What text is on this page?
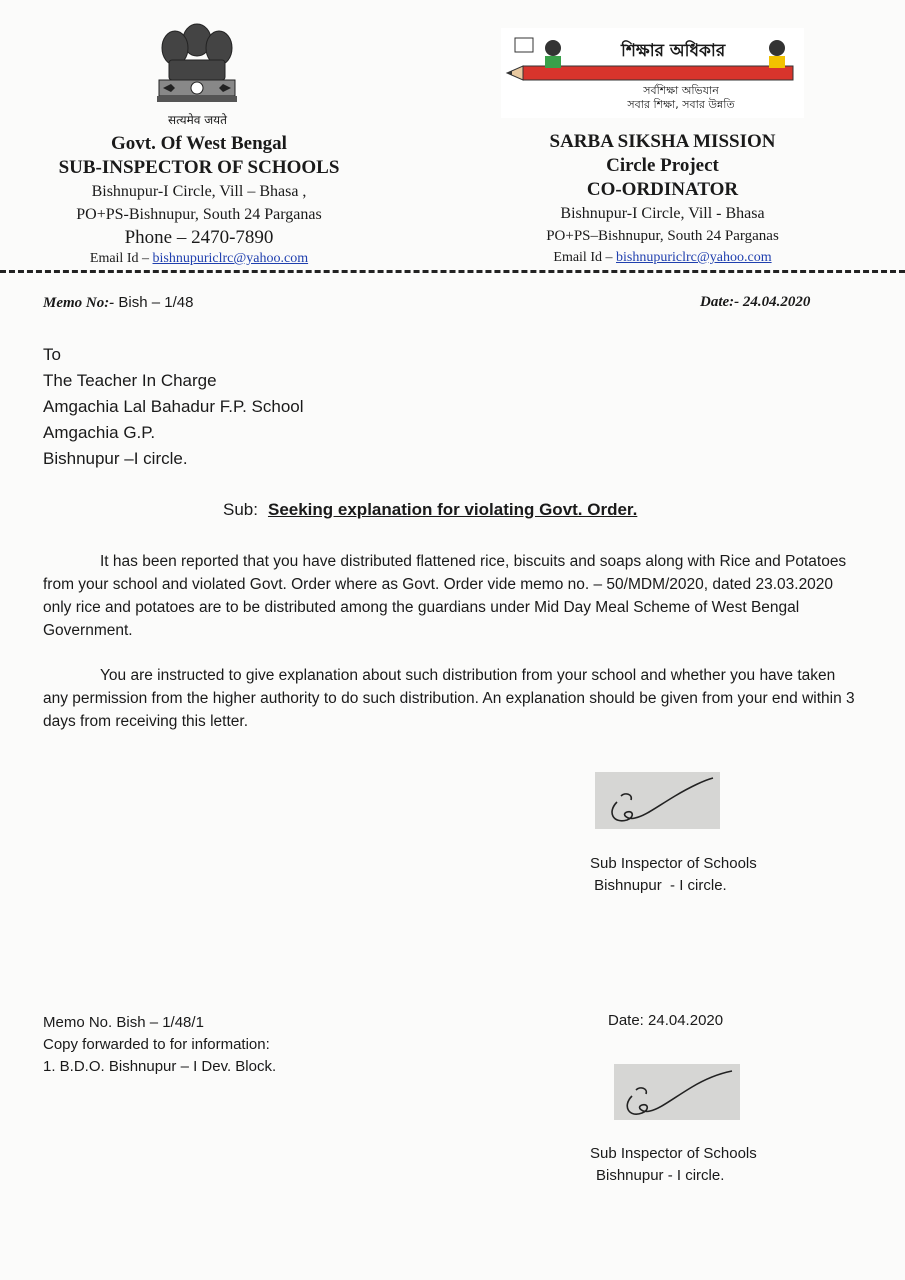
सत्यमेव जयते
Govt. Of West Bengal
SUB-INSPECTOR OF SCHOOLS
Bishnupur-I Circle, Vill – Bhasa ,
PO+PS-Bishnupur, South 24 Parganas
Phone – 2470-7890
Email Id – bishnupuriclrc@yahoo.com
শিক্ষার অধিকার
সর্বশিক্ষা অভিযান
সবার শিক্ষা, সবার উন্নতি
SARBA SIKSHA MISSION
Circle Project
CO-ORDINATOR
Bishnupur-I Circle, Vill - Bhasa
PO+PS–Bishnupur, South 24 Parganas
Email Id – bishnupuriclrc@yahoo.com
Memo No:- Bish – 1/48	Date:- 24.04.2020
To
The Teacher In Charge
Amgachia Lal Bahadur F.P. School
Amgachia G.P.
Bishnupur –I circle.
Sub: Seeking explanation for violating Govt. Order.
It has been reported that you have distributed flattened rice, biscuits and soaps along with Rice and Potatoes from your school and violated Govt. Order where as Govt. Order vide memo no. – 50/MDM/2020, dated 23.03.2020 only rice and potatoes are to be distributed among the guardians under Mid Day Meal Scheme of West Bengal Government.
You are instructed to give explanation about such distribution from your school and whether you have taken any permission from the higher authority to do such distribution. An explanation should be given from your end within 3 days from receiving this letter.
Sub Inspector of Schools
Bishnupur  - I circle.
Memo No. Bish – 1/48/1
Copy forwarded to for information:
1. B.D.O. Bishnupur – I Dev. Block.
Date: 24.04.2020
Sub Inspector of Schools
Bishnupur - I circle.
